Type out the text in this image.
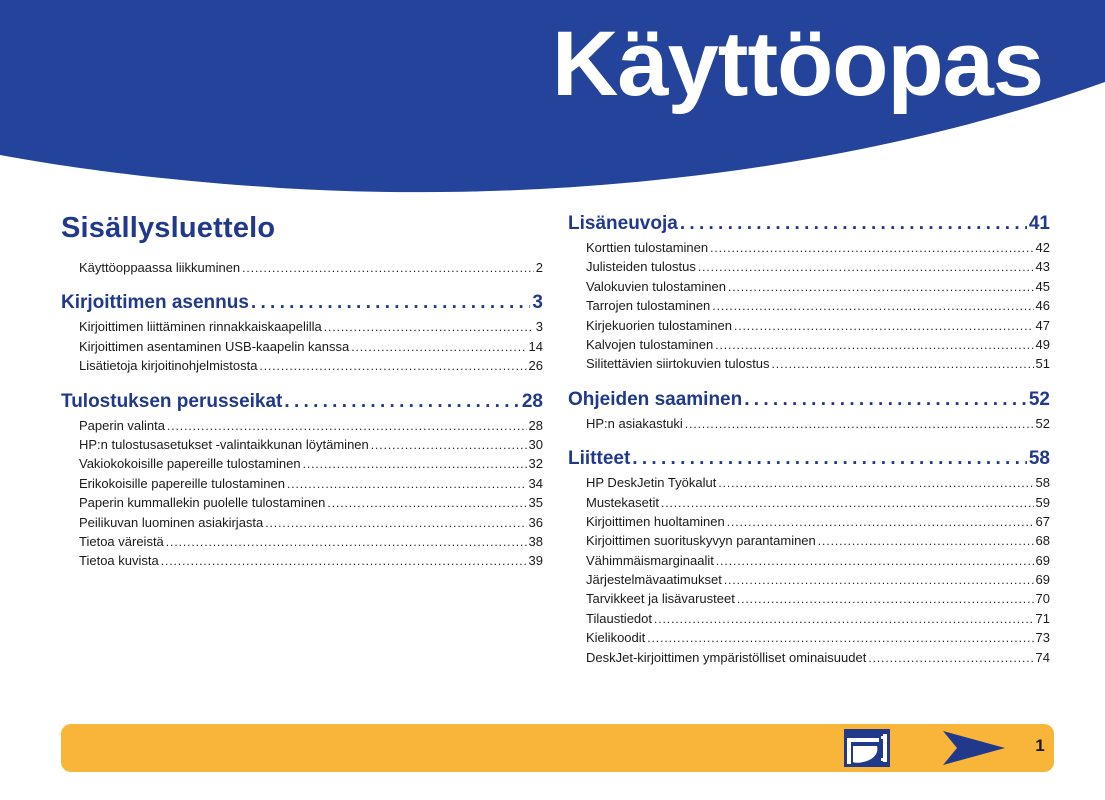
Käyttöopas
Sisällysluettelo
Käyttöoppaassa liikkuminen . . .	2
Kirjoittimen asennus . . .	3
Kirjoittimen liittäminen rinnakkaiskaapelilla . . .	3
Kirjoittimen asentaminen USB-kaapelin kanssa . . .	14
Lisätietoja kirjoitinohjelmistosta . . .	26
Tulostuksen perusseikat . . .	28
Paperin valinta . . .	28
HP:n tulostusasetukset -valintaikkunan löytäminen . . .	30
Vakiokokoisille papereille tulostaminen . . .	32
Erikokoisille papereille tulostaminen . . .	34
Paperin kummallekin puolelle tulostaminen . . .	35
Peilikuvan luominen asiakirjasta . . .	36
Tietoa väreistä . . .	38
Tietoa kuvista . . .	39
Lisäneuvoja . . .	41
Korttien tulostaminen . . .	42
Julisteiden tulostus . . .	43
Valokuvien tulostaminen . . .	45
Tarrojen tulostaminen . . .	46
Kirjekuorien tulostaminen . . .	47
Kalvojen tulostaminen . . .	49
Silitettävien siirtokuvien tulostus . . .	51
Ohjeiden saaminen . . .	52
HP:n asiakastuki . . .	52
Liitteet . . .	58
HP DeskJetin Työkalut . . .	58
Mustekasetit . . .	59
Kirjoittimen huoltaminen . . .	67
Kirjoittimen suorituskyvyn parantaminen . . .	68
Vähimmäismarginaalit . . .	69
Järjestelmävaatimukset . . .	69
Tarvikkeet ja lisävarusteet . . .	70
Tilaustiedot . . .	71
Kielikoodit . . .	73
DeskJet-kirjoittimen ympäristölliset ominaisuudet . . .	74
1
